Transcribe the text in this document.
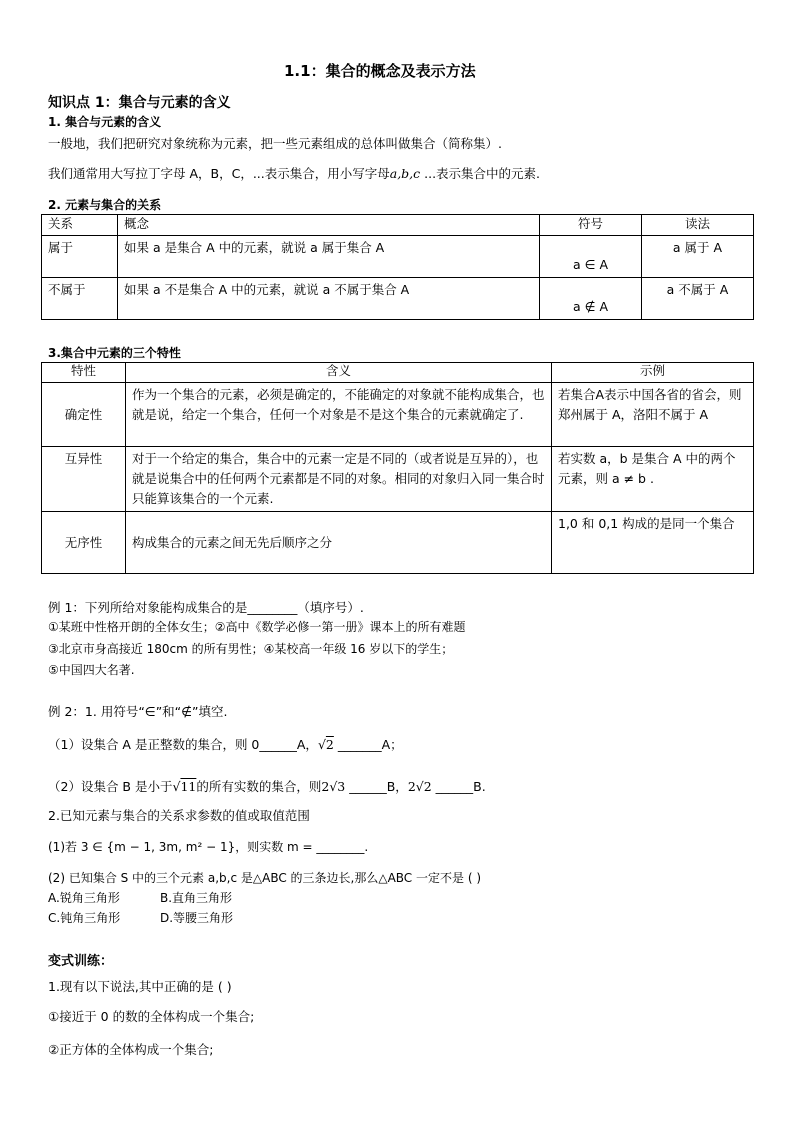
1.1：集合的概念及表示方法
知识点 1：集合与元素的含义
1. 集合与元素的含义
一般地，我们把研究对象统称为元素，把一些元素组成的总体叫做集合（简称集）.
我们通常用大写拉丁字母 A，B，C，...表示集合，用小写字母a,b,c ...表示集合中的元素.
2. 元素与集合的关系
关系	概念	符号	读法
属于	如果 a 是集合 A 中的元素，就说 a 属于集合 A	a ∈ A	a 属于 A
不属于	如果 a 不是集合 A 中的元素，就说 a 不属于集合 A	a ∉ A	a 不属于 A
3.集合中元素的三个特性
特性	含义	示例
确定性	作为一个集合的元素，必须是确定的，不能确定的对象就不能构成集合，也就是说，给定一个集合，任何一个对象是不是这个集合的元素就确定了.	若集合A表示中国各省的省会，则郑州属于 A，洛阳不属于 A
互异性	对于一个给定的集合，集合中的元素一定是不同的（或者说是互异的），也就是说集合中的任何两个元素都是不同的对象。相同的对象归入同一集合时只能算该集合的一个元素.	若实数 a，b 是集合 A 中的两个元素，则 a ≠ b .
无序性	构成集合的元素之间无先后顺序之分	1,0 和 0,1 构成的是同一个集合
例 1：下列所给对象能构成集合的是________（填序号）.
①某班中性格开朗的全体女生；②高中《数学必修一第一册》课本上的所有难题
③北京市身高接近 180cm 的所有男性；④某校高一年级 16 岁以下的学生；
⑤中国四大名著.
例 2：1. 用符号“∈”和“∉”填空.
（1）设集合 A 是正整数的集合，则 0______A，√2 _______A；
（2）设集合 B 是小于√11的所有实数的集合，则2√3 ______B，2√2 ______B.
2.已知元素与集合的关系求参数的值或取值范围
(1)若 3 ∈ {m − 1, 3m, m² − 1}，则实数 m = ________.
(2) 已知集合 S 中的三个元素 a,b,c 是△ABC 的三条边长,那么△ABC 一定不是 ( )
A.锐角三角形	B.直角三角形
C.钝角三角形	D.等腰三角形
变式训练：
1.现有以下说法,其中正确的是 ( )
①接近于 0 的数的全体构成一个集合;
②正方体的全体构成一个集合;
